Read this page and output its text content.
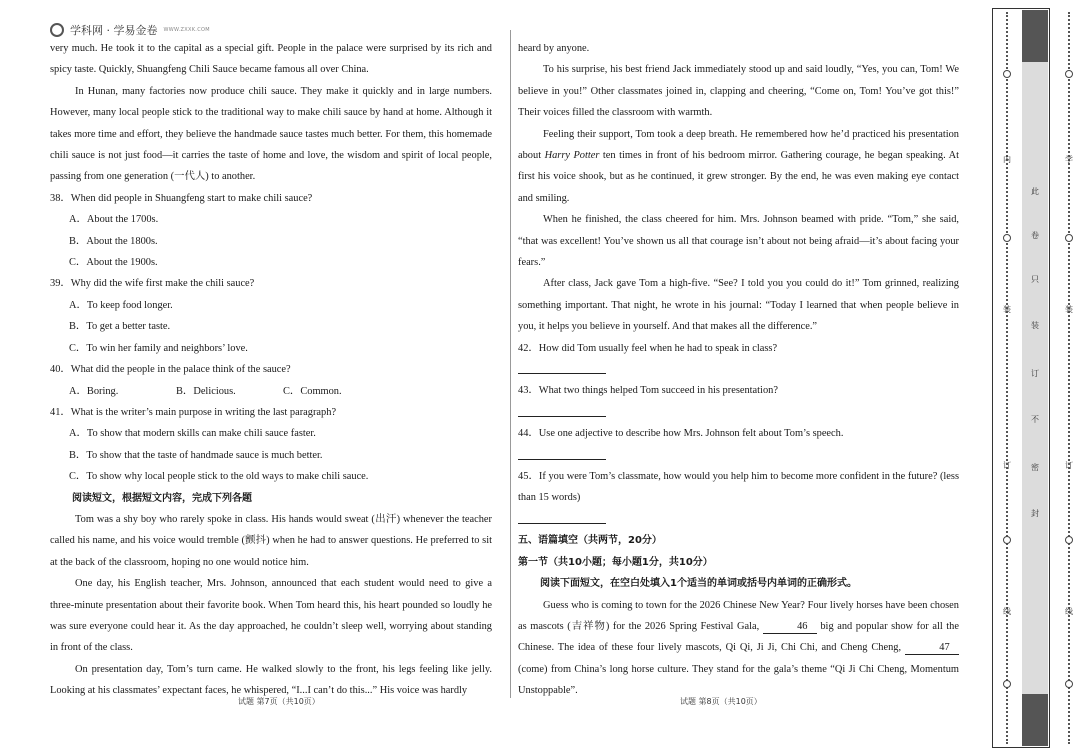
学科网 · 学易金卷 WWW.ZXXK.COM

very much. He took it to the capital as a special gift. People in the palace were surprised by its rich and spicy taste. Quickly, Shuangfeng Chili Sauce became famous all over China.

In Hunan, many factories now produce chili sauce. They make it quickly and in large numbers. However, many local people stick to the traditional way to make chili sauce by hand at home. Although it takes more time and effort, they believe the handmade sauce tastes much better. For them, this homemade chili sauce is not just food—it carries the taste of home and love, the wisdom and spirit of local people, passing from one generation (一代人) to another.

38．When did people in Shuangfeng start to make chili sauce?

A．About the 1700s.

B．About the 1800s.

C．About the 1900s.

39．Why did the wife first make the chili sauce?

A．To keep food longer.

B．To get a better taste.

C．To win her family and neighbors’ love.

40．What did the people in the palace think of the sauce?

A．Boring.	B．Delicious.	C．Common.

41．What is the writer’s main purpose in writing the last paragraph?

A．To show that modern skills can make chili sauce faster.

B．To show that the taste of handmade sauce is much better.

C．To show why local people stick to the old ways to make chili sauce.

阅读短文，根据短文内容，完成下列各题

Tom was a shy boy who rarely spoke in class. His hands would sweat (出汗) whenever the teacher called his name, and his voice would tremble (颤抖) when he had to answer questions. He preferred to sit at the back of the classroom, hoping no one would notice him.

One day, his English teacher, Mrs. Johnson, announced that each student would need to give a three-minute presentation about their favorite book. When Tom heard this, his heart pounded so loudly he was sure everyone could hear it. As the day approached, he couldn’t sleep well, worrying about standing in front of the class.

On presentation day, Tom’s turn came. He walked slowly to the front, his legs feeling like jelly. Looking at his classmates’ expectant faces, he whispered, “I...I can’t do this...” His voice was hardly

heard by anyone.

To his surprise, his best friend Jack immediately stood up and said loudly, “Yes, you can, Tom! We believe in you!” Other classmates joined in, clapping and cheering, “Come on, Tom! You’ve got this!” Their voices filled the classroom with warmth.

Feeling their support, Tom took a deep breath. He remembered how he’d practiced his presentation about Harry Potter ten times in front of his bedroom mirror. Gathering courage, he began speaking. At first his voice shook, but as he continued, it grew stronger. By the end, he was even making eye contact and smiling.

When he finished, the class cheered for him. Mrs. Johnson beamed with pride. “Tom,” she said, “that was excellent! You’ve shown us all that courage isn’t about not being afraid—it’s about facing your fears.”

After class, Jack gave Tom a high-five. “See? I told you you could do it!” Tom grinned, realizing something important. That night, he wrote in his journal: “Today I learned that when people believe in you, it helps you believe in yourself. And that makes all the difference.”

42．How did Tom usually feel when he had to speak in class?

43．What two things helped Tom succeed in his presentation?

44．Use one adjective to describe how Mrs. Johnson felt about Tom’s speech.

45．If you were Tom’s classmate, how would you help him to become more confident in the future? (less than 15 words)

五、语篇填空（共两节，20分）

第一节（共10小题；每小题1分，共10分）

阅读下面短文，在空白处填入1个适当的单词或括号内单词的正确形式。

Guess who is coming to town for the 2026 Chinese New Year? Four lively horses have been chosen as mascots (吉祥物) for the 2026 Spring Festival Gala,	46 big and popular show for all the Chinese. The idea of these four lively mascots, Qi Qi, Ji Ji, Chi Chi, and Cheng Cheng,	47 (come) from China’s long horse culture. They stand for the gala’s theme “Qi Ji Chi Cheng, Momentum Unstoppable”.

试题 第7页（共10页）	试题 第8页（共10页）
内
装
订
线
学
装
订
线
此
卷
只
装
订
不
密
封
